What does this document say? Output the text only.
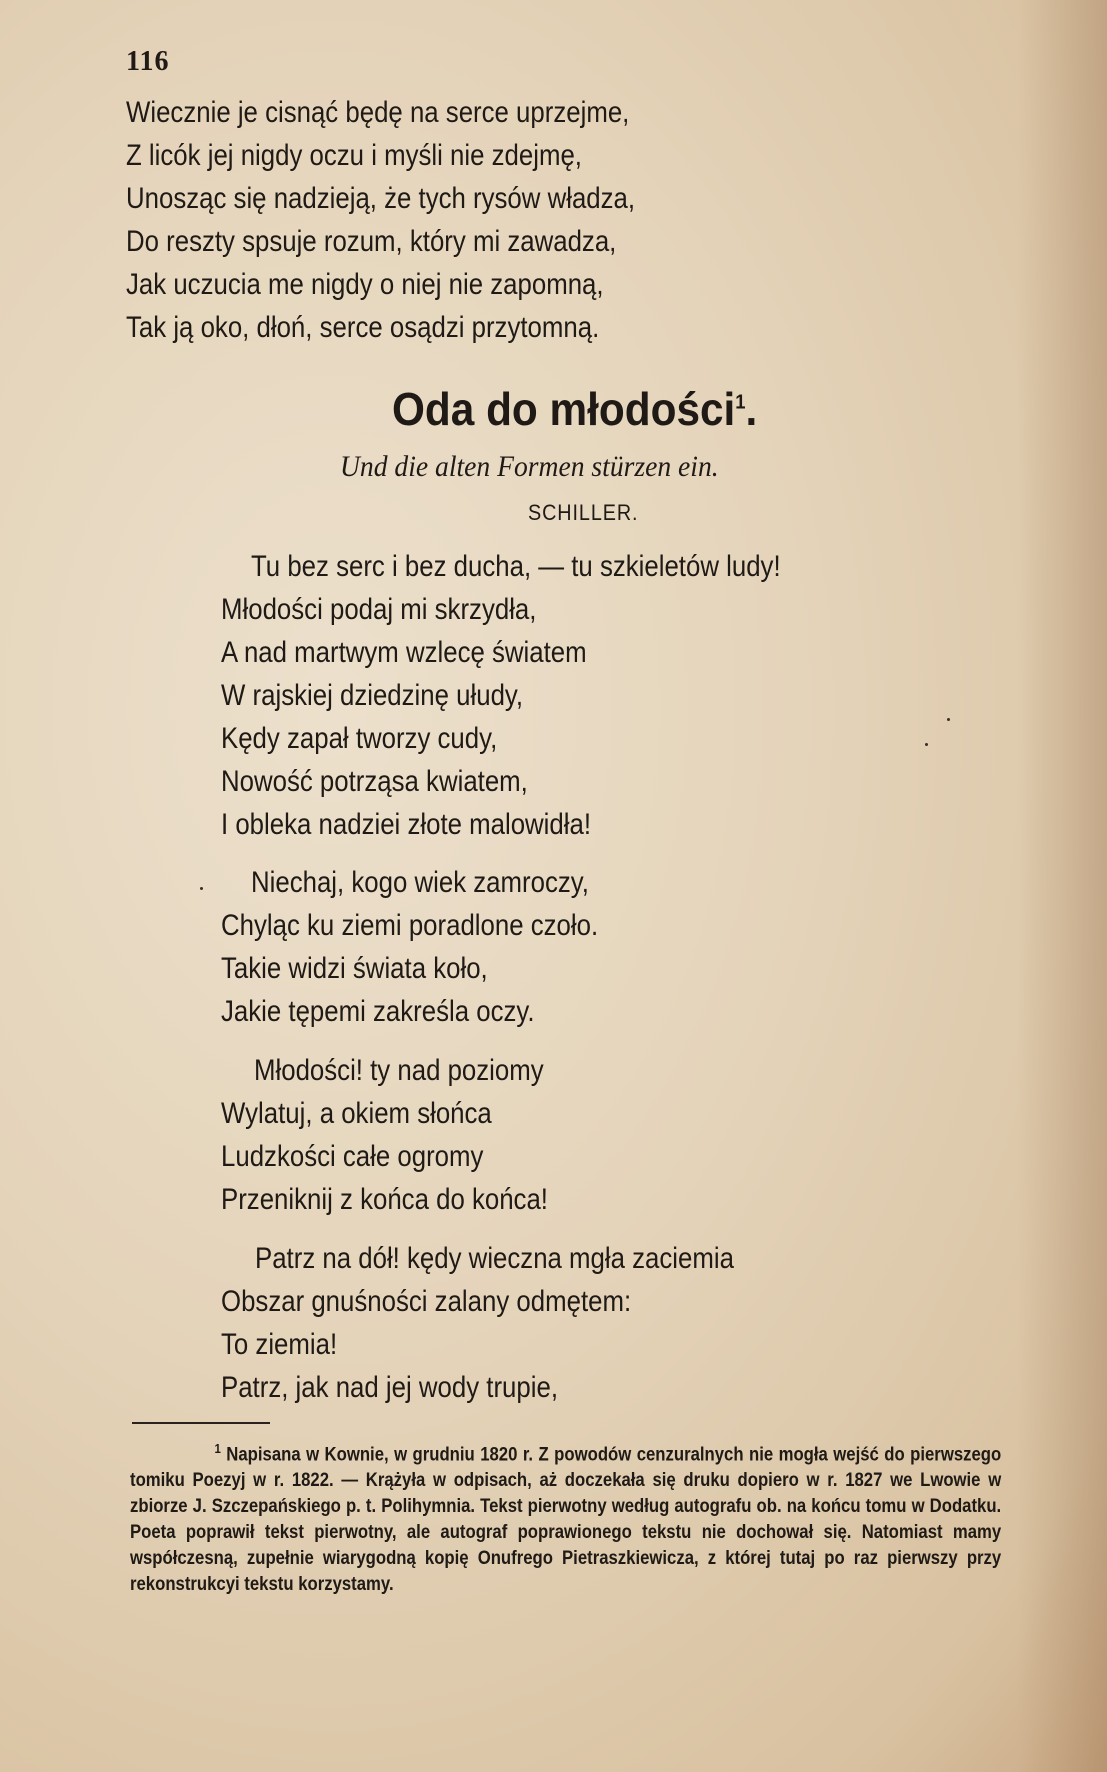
116
Wiecznie je cisnąć będę na serce uprzejme,
Z licók jej nigdy oczu i myśli nie zdejmę,
Unosząc się nadzieją, że tych rysów władza,
Do reszty spsuje rozum, który mi zawadza,
Jak uczucia me nigdy o niej nie zapomną,
Tak ją oko, dłoń, serce osądzi przytomną.
Oda do młodości$^1$.
Und die alten Formen stürzen ein.
SCHILLER.
Tu bez serc i bez ducha, — tu szkieletów ludy!
Młodości podaj mi skrzydła,
A nad martwym wzlecę światem
W rajskiej dziedzinę ułudy,
Kędy zapał tworzy cudy,
Nowość potrząsa kwiatem,
I obleka nadziei złote malowidła!
Niechaj, kogo wiek zamroczy,
Chyląc ku ziemi poradlone czoło.
Takie widzi świata koło,
Jakie tępemi zakreśla oczy.
Młodości! ty nad poziomy
Wylatuj, a okiem słońca
Ludzkości całe ogromy
Przeniknij z końca do końca!
Patrz na dół! kędy wieczna mgła zaciemia
Obszar gnuśności zalany odmętem:
To ziemia!
Patrz, jak nad jej wody trupie,
$^1$ Napisana w Kownie, w grudniu 1820 r. Z powodów cenzuralnych nie mogła wejść do pierwszego tomiku Poezyj w r. 1822. — Krążyła w odpisach, aż doczekała się druku dopiero w r. 1827 we Lwowie w zbiorze J. Szczepańskiego p. t. Polihymnia. Tekst pierwotny według autografu ob. na końcu tomu w Dodatku. Poeta poprawił tekst pierwotny, ale autograf poprawionego tekstu nie dochował się. Natomiast mamy współczesną, zupełnie wiarygodną kopię Onufrego Pietraszkiewicza, z której tutaj po raz pierwszy przy rekonstrukcyi tekstu korzystamy.
